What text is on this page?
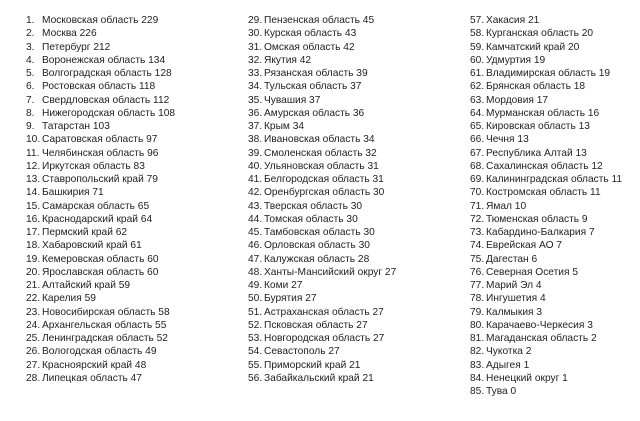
1. Московская область 229
2. Москва 226
3. Петербург 212
4. Воронежская область 134
5. Волгоградская область 128
6. Ростовская область 118
7. Свердловская область 112
8. Нижегородская область 108
9. Татарстан 103
10. Саратовская область 97
11. Челябинская область 96
12. Иркутская область 83
13. Ставропольский край 79
14. Башкирия 71
15. Самарская область 65
16. Краснодарский край 64
17. Пермский край 62
18. Хабаровский край 61
19. Кемеровская область 60
20. Ярославская область 60
21. Алтайский край 59
22. Карелия 59
23. Новосибирская область 58
24. Архангельская область 55
25. Ленинградская область 52
26. Вологодская область 49
27. Красноярский край 48
28. Липецкая область 47
29. Пензенская область 45
30. Курская область 43
31. Омская область 42
32. Якутия 42
33. Рязанская область 39
34. Тульская область 37
35. Чувашия 37
36. Амурская область 36
37. Крым 34
38. Ивановская область 34
39. Смоленская область 32
40. Ульяновская область 31
41. Белгородская область 31
42. Оренбургская область 30
43. Тверская область 30
44. Томская область 30
45. Тамбовская область 30
46. Орловская область 30
47. Калужская область 28
48. Ханты-Мансийский округ 27
49. Коми 27
50. Бурятия 27
51. Астраханская область 27
52. Псковская область 27
53. Новгородская область 27
54. Севастополь 27
55. Приморский край 21
56. Забайкальский край 21
57. Хакасия 21
58. Курганская область 20
59. Камчатский край 20
60. Удмуртия 19
61. Владимирская область 19
62. Брянская область 18
63. Мордовия 17
64. Мурманская область 16
65. Кировская область 13
66. Чечня 13
67. Республика Алтай 13
68. Сахалинская область 12
69. Калининградская область 11
70. Костромская область 11
71. Ямал 10
72. Тюменская область 9
73. Кабардино-Балкария 7
74. Еврейская АО 7
75. Дагестан 6
76. Северная Осетия 5
77. Марий Эл 4
78. Ингушетия 4
79. Калмыкия 3
80. Карачаево-Черкесия 3
81. Магаданская область 2
82. Чукотка 2
83. Адыгея 1
84. Ненецкий округ 1
85. Тува 0
